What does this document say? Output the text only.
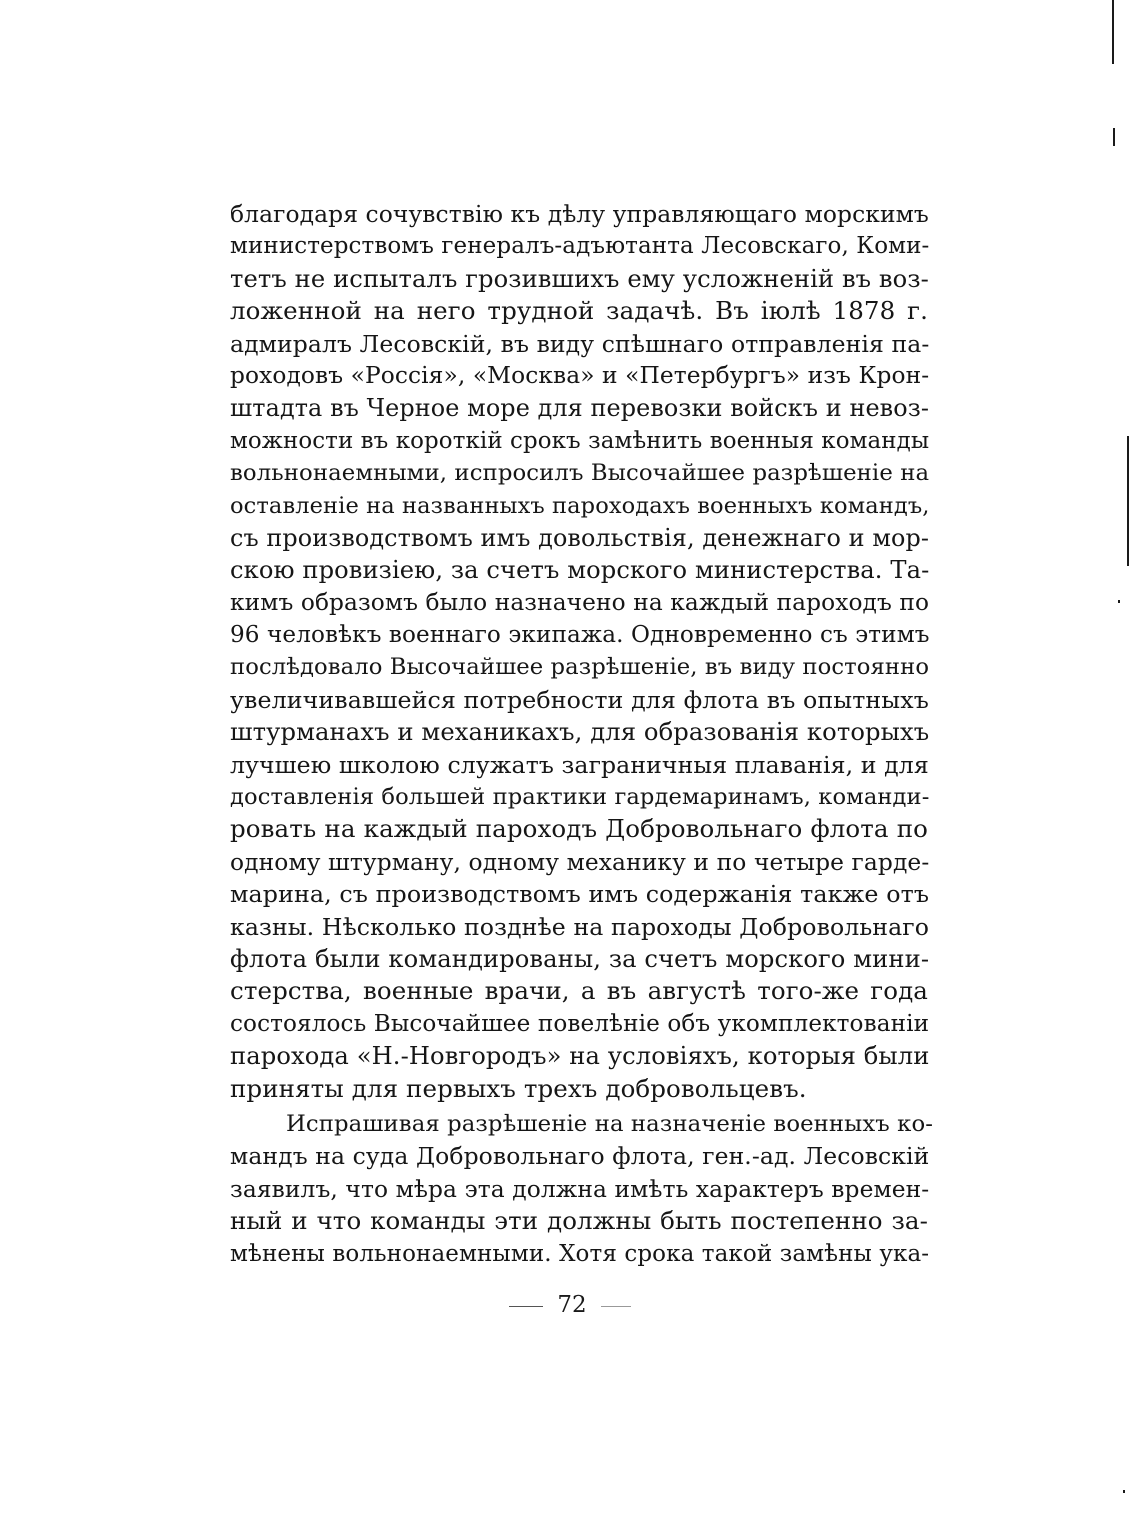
благодаря сочувствію къ дѣлу управляющаго морскимъ
министерствомъ генералъ-адъютанта Лесовскаго, Коми-
тетъ не испыталъ грозившихъ ему усложненій въ воз-
ложенной на него трудной задачѣ. Въ іюлѣ 1878 г.
адмиралъ Лесовскій, въ виду спѣшнаго отправленія па-
роходовъ «Россія», «Москва» и «Петербургъ» изъ Крон-
штадта въ Черное море для перевозки войскъ и невоз-
можности въ короткій срокъ замѣнить военныя команды
вольнонаемными, испросилъ Высочайшее разрѣшеніе на
оставленіе на названныхъ пароходахъ военныхъ командъ,
съ производствомъ имъ довольствія, денежнаго и мор-
скою провизіею, за счетъ морского министерства. Та-
кимъ образомъ было назначено на каждый пароходъ по
96 человѣкъ военнаго экипажа. Одновременно съ этимъ
послѣдовало Высочайшее разрѣшеніе, въ виду постоянно
увеличивавшейся потребности для флота въ опытныхъ
штурманахъ и механикахъ, для образованія которыхъ
лучшею школою служатъ заграничныя плаванія, и для
доставленія большей практики гардемаринамъ, команди-
ровать на каждый пароходъ Добровольнаго флота по
одному штурману, одному механику и по четыре гарде-
марина, съ производствомъ имъ содержанія также отъ
казны. Нѣсколько позднѣе на пароходы Добровольнаго
флота были командированы, за счетъ морского мини-
стерства, военные врачи, а въ августѣ того-же года
состоялось Высочайшее повелѣніе объ укомплектованіи
парохода «Н.-Новгородъ» на условіяхъ, которыя были
приняты для первыхъ трехъ добровольцевъ.
Испрашивая разрѣшеніе на назначеніе военныхъ ко-
мандъ на суда Добровольнаго флота, ген.-ад. Лесовскій
заявилъ, что мѣра эта должна имѣть характеръ времен-
ный и что команды эти должны быть постепенно за-
мѣнены вольнонаемными. Хотя срока такой замѣны ука-
72
